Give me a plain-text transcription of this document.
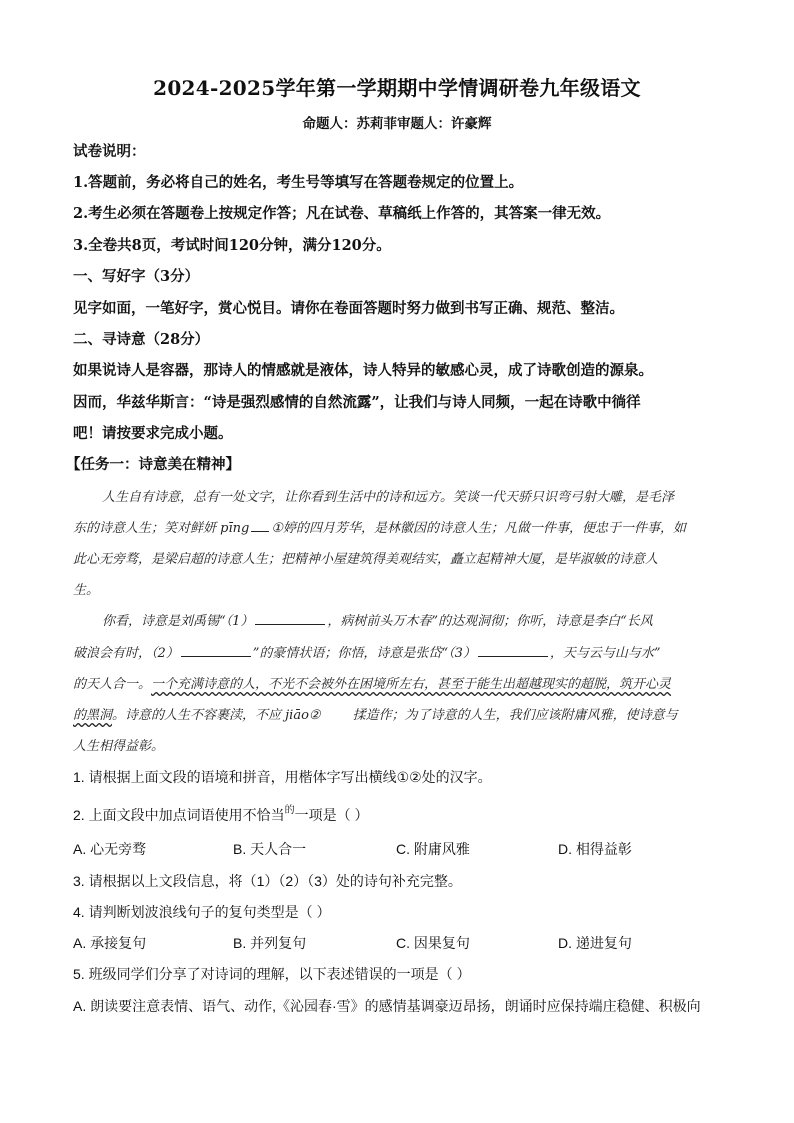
2024-2025学年第一学期期中学情调研卷九年级语文
命题人：苏莉菲审题人：许豪辉
试卷说明：
1.答题前，务必将自己的姓名，考生号等填写在答题卷规定的位置上。
2.考生必须在答题卷上按规定作答；凡在试卷、草稿纸上作答的，其答案一律无效。
3.全卷共8页，考试时间120分钟，满分120分。
一、写好字（3分）
见字如面，一笔好字，赏心悦目。请你在卷面答题时努力做到书写正确、规范、整洁。
二、寻诗意（28分）
如果说诗人是容器，那诗人的情感就是液体，诗人特异的敏感心灵，成了诗歌创造的源泉。
因而，华兹华斯言：“诗是强烈感情的自然流露”，让我们与诗人同频，一起在诗歌中徜徉
吧！请按要求完成小题。
【任务一：诗意美在精神】
人生自有诗意，总有一处文字，让你看到生活中的诗和远方。笑谈一代天骄只识弯弓射大雕，是毛泽
东的诗意人生；笑对鲜妍 pīng ①婷的四月芳华，是林徽因的诗意人生；凡做一件事，便忠于一件事，如
此心无旁骛，是梁启超的诗意人生；把精神小屋建筑得美观结实，矗立起精神大厦，是毕淑敏的诗意人
生。
你看，诗意是刘禹锡“（1）	，病树前头万木春”的达观洞彻；你听，诗意是李白“长风
破浪会有时，（2）	”的豪情状语；你悟，诗意是张岱“（3）	，天与云与山与水”
的天人合一。一个充满诗意的人，不光不会被外在困境所左右，甚至于能生出超越现实的超脱，筑开心灵
的黑洞。诗意的人生不容裹渎，不应 jiāo② 揉造作；为了诗意的人生，我们应该附庸风雅，使诗意与
人生相得益彰。
1. 请根据上面文段的语境和拼音，用楷体字写出横线①②处的汉字。
2. 上面文段中加点词语使用不恰当$^的$一项是（ ）
A. 心无旁骛	B. 天人合一	C. 附庸风雅	D. 相得益彰
3. 请根据以上文段信息，将（1）（2）（3）处的诗句补充完整。
4. 请判断划波浪线句子的复句类型是（ ）
A. 承接复句	B. 并列复句	C. 因果复句	D. 递进复句
5. 班级同学们分享了对诗词的理解，以下表述错误的一项是（ ）
A. 朗读要注意表情、语气、动作,《沁园春·雪》的感情基调豪迈昂扬，朗诵时应保持端庄稳健、积极向
